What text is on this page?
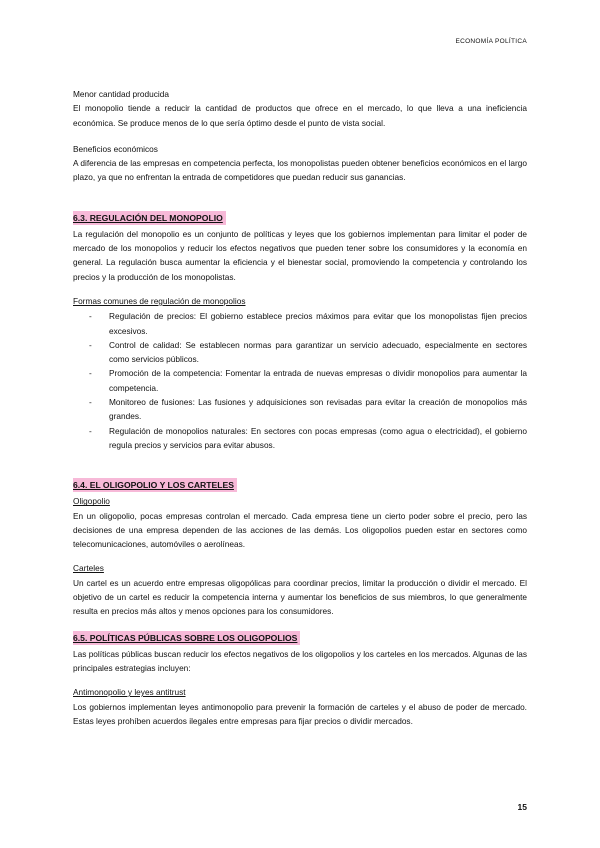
ECONOMÍA POLÍTICA
Menor cantidad producida

El monopolio tiende a reducir la cantidad de productos que ofrece en el mercado, lo que lleva a una ineficiencia económica. Se produce menos de lo que sería óptimo desde el punto de vista social.

Beneficios económicos

A diferencia de las empresas en competencia perfecta, los monopolistas pueden obtener beneficios económicos en el largo plazo, ya que no enfrentan la entrada de competidores que puedan reducir sus ganancias.

6.3. REGULACIÓN DEL MONOPOLIO

La regulación del monopolio es un conjunto de políticas y leyes que los gobiernos implementan para limitar el poder de mercado de los monopolios y reducir los efectos negativos que pueden tener sobre los consumidores y la economía en general. La regulación busca aumentar la eficiencia y el bienestar social, promoviendo la competencia y controlando los precios y la producción de los monopolistas.

Formas comunes de regulación de monopolios
- Regulación de precios: El gobierno establece precios máximos para evitar que los monopolistas fijen precios excesivos.
- Control de calidad: Se establecen normas para garantizar un servicio adecuado, especialmente en sectores como servicios públicos.
- Promoción de la competencia: Fomentar la entrada de nuevas empresas o dividir monopolios para aumentar la competencia.
- Monitoreo de fusiones: Las fusiones y adquisiciones son revisadas para evitar la creación de monopolios más grandes.
- Regulación de monopolios naturales: En sectores con pocas empresas (como agua o electricidad), el gobierno regula precios y servicios para evitar abusos.
6.4. EL OLIGOPOLIO Y LOS CARTELES
Oligopolio

En un oligopolio, pocas empresas controlan el mercado. Cada empresa tiene un cierto poder sobre el precio, pero las decisiones de una empresa dependen de las acciones de las demás. Los oligopolios pueden estar en sectores como telecomunicaciones, automóviles o aerolíneas.

Carteles

Un cartel es un acuerdo entre empresas oligopólicas para coordinar precios, limitar la producción o dividir el mercado. El objetivo de un cartel es reducir la competencia interna y aumentar los beneficios de sus miembros, lo que generalmente resulta en precios más altos y menos opciones para los consumidores.

6.5. POLÍTICAS PÚBLICAS SOBRE LOS OLIGOPOLIOS

Las políticas públicas buscan reducir los efectos negativos de los oligopolios y los carteles en los mercados. Algunas de las principales estrategias incluyen:

Antimonopolio y leyes antitrust

Los gobiernos implementan leyes antimonopolio para prevenir la formación de carteles y el abuso de poder de mercado. Estas leyes prohíben acuerdos ilegales entre empresas para fijar precios o dividir mercados.

15
